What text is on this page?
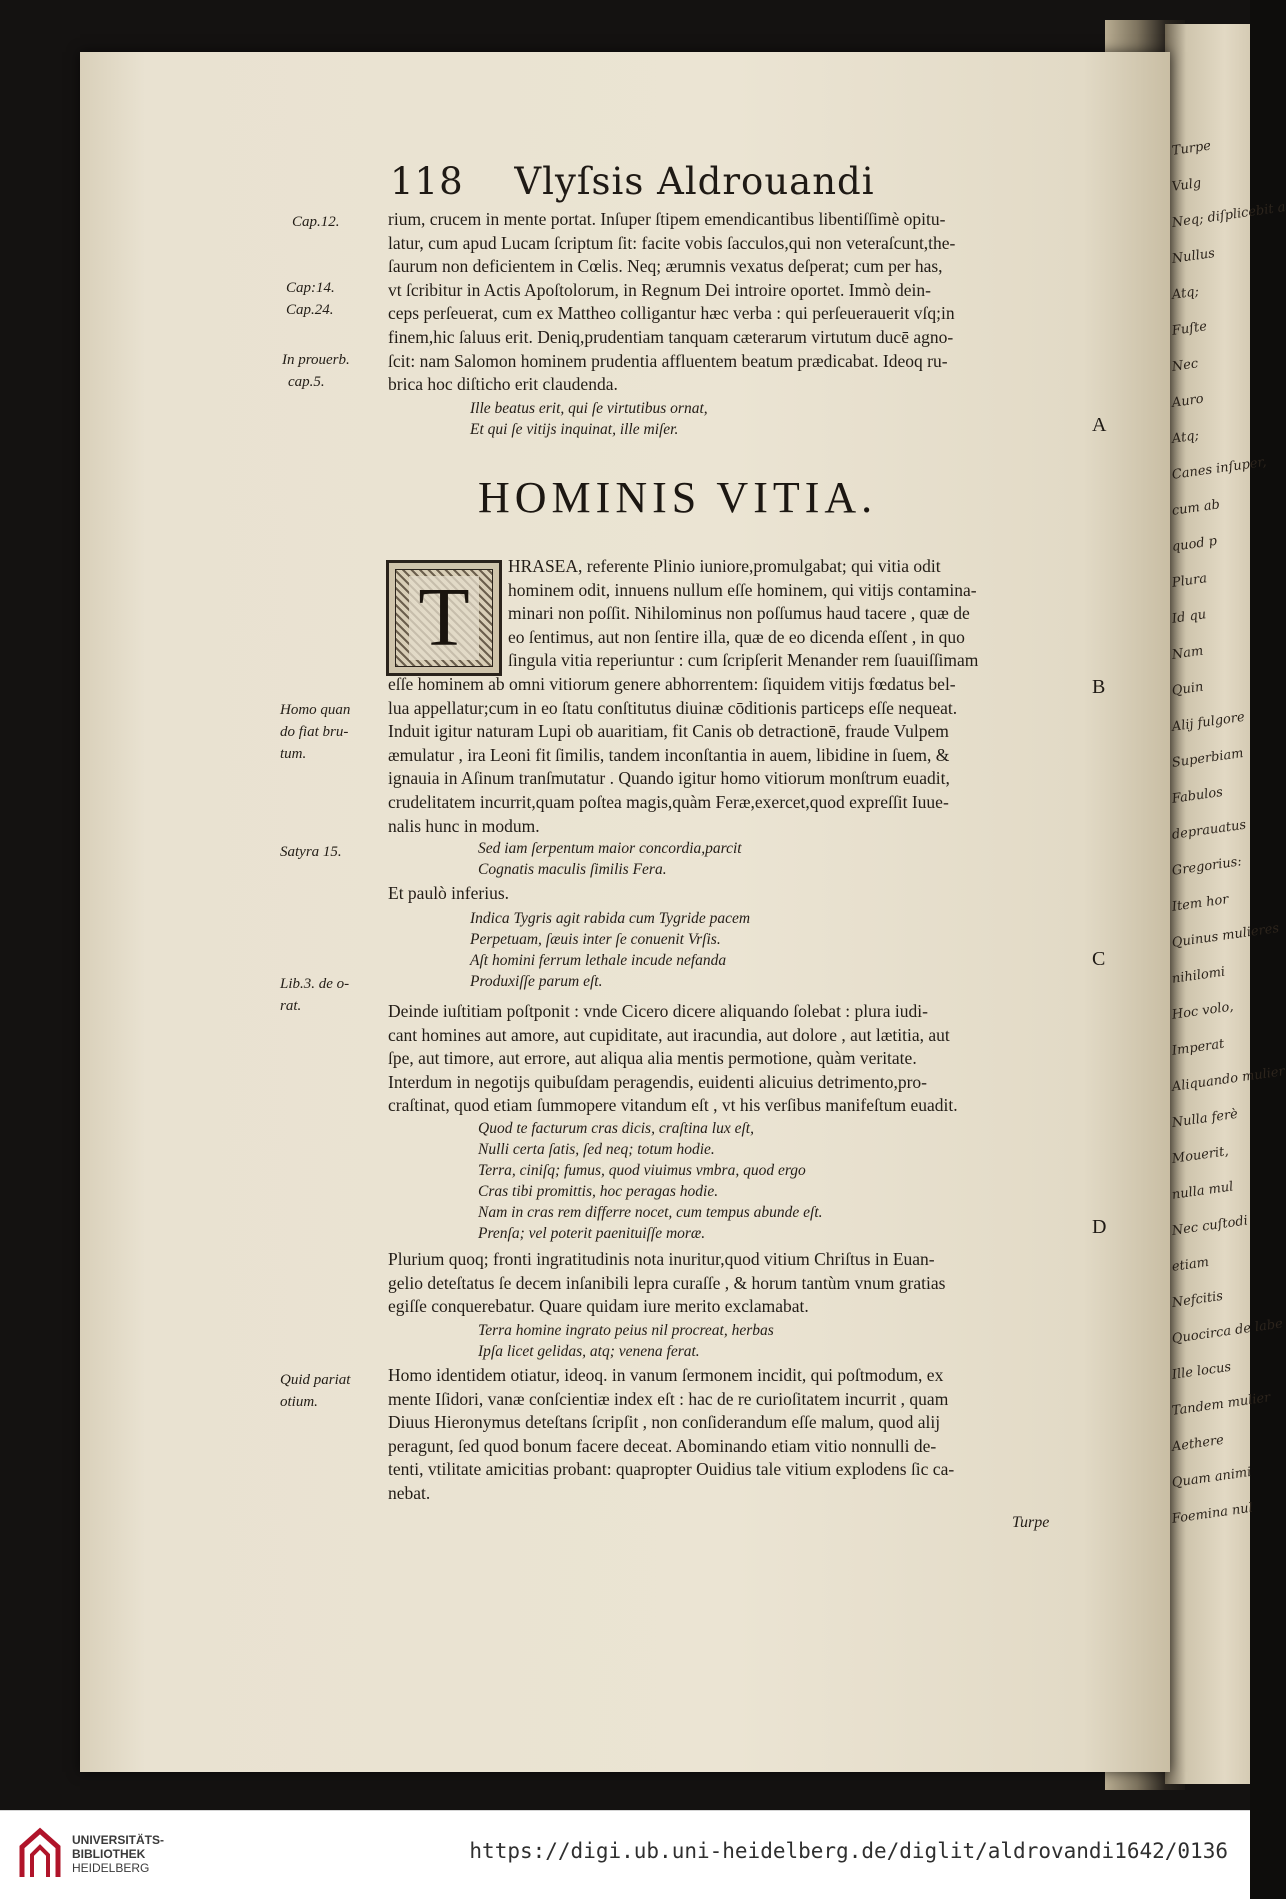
Turpe
Vulg
Neq; diſplicebit a
Nullus
Atq;
Fuſte
Nec
Auro
Atq;
Canes inſuper,
cum ab
quod p
Plura
Id qu
Nam
Quin
Alij fulgore
Superbiam
Fabulos
deprauatus
Gregorius:
Item hor
Quinus mulieres
nihilomi
Hoc volo,
Imperat
Aliquando mulier
Nulla ferè
Mouerit,
nulla mul
Nec cuſtodi
etiam
Nefcitis
Quocirca de labe
Ille locus
Tandem mulier
Aethere
Quam animi
Foemina nul
118 Vlyſsis Aldrouandi
rium, crucem in mente portat. Inſuper ſtipem emendicantibus libentiſſimè opitu-
latur, cum apud Lucam ſcriptum ſit: facite vobis ſacculos,qui non veteraſcunt,the-
ſaurum non deficientem in Cœlis. Neq; ærumnis vexatus deſperat; cum per has,
vt ſcribitur in Actis Apoſtolorum, in Regnum Dei introire oportet. Immò dein-
ceps perſeuerat, cum ex Mattheo colligantur hæc verba : qui perſeuerauerit vſq;in
finem,hic ſaluus erit. Deniq,prudentiam tanquam cæterarum virtutum ducē agno-
ſcit: nam Salomon hominem prudentia affluentem beatum prædicabat. Ideoq ru-
brica hoc diſticho erit claudenda.
Ille beatus erit, qui ſe virtutibus ornat,
Et qui ſe vitijs inquinat, ille miſer.
HOMINIS VITIA.
T
HRASEA, referente Plinio iuniore,promulgabat; qui vitia odit
hominem odit, innuens nullum eſſe hominem, qui vitijs contamina-
minari non poſſit. Nihilominus non poſſumus haud tacere , quæ de
eo ſentimus, aut non ſentire illa, quæ de eo dicenda eſſent , in quo
ſingula vitia reperiuntur : cum ſcripſerit Menander rem ſuauiſſimam
eſſe hominem ab omni vitiorum genere abhorrentem: ſiquidem vitijs fœdatus bel-
lua appellatur;cum in eo ſtatu conſtitutus diuinæ cōditionis particeps eſſe nequeat.
Induit igitur naturam Lupi ob auaritiam, fit Canis ob detractionē, fraude Vulpem
æmulatur , ira Leoni fit ſimilis, tandem inconſtantia in auem, libidine in ſuem, &
ignauia in Aſinum tranſmutatur . Quando igitur homo vitiorum monſtrum euadit,
crudelitatem incurrit,quam poſtea magis,quàm Feræ,exercet,quod expreſſit Iuue-
nalis hunc in modum.
Sed iam ſerpentum maior concordia,parcit
Cognatis maculis ſimilis Fera.
Et paulò inferius.
Indica Tygris agit rabida cum Tygride pacem
Perpetuam, ſæuis inter ſe conuenit Vrſis.
Aſt homini ferrum lethale incude nefanda
Produxiſſe parum eſt.
Deinde iuſtitiam poſtponit : vnde Cicero dicere aliquando ſolebat : plura iudi-
cant homines aut amore, aut cupiditate, aut iracundia, aut dolore , aut lætitia, aut
ſpe, aut timore, aut errore, aut aliqua alia mentis permotione, quàm veritate.
Interdum in negotijs quibuſdam peragendis, euidenti alicuius detrimento,pro-
craſtinat, quod etiam ſummopere vitandum eſt , vt his verſibus manifeſtum euadit.
Quod te facturum cras dicis, craſtina lux eſt,
Nulli certa ſatis, ſed neq; totum hodie.
Terra, ciniſq; fumus, quod viuimus vmbra, quod ergo
Cras tibi promittis, hoc peragas hodie.
Nam in cras rem differre nocet, cum tempus abunde eſt.
Prenſa; vel poterit paenituiſſe moræ.
Plurium quoq; fronti ingratitudinis nota inuritur,quod vitium Chriſtus in Euan-
gelio deteſtatus ſe decem inſanibili lepra curaſſe , & horum tantùm vnum gratias
egiſſe conquerebatur. Quare quidam iure merito exclamabat.
Terra homine ingrato peius nil procreat, herbas
Ipſa licet gelidas, atq; venena ferat.
Homo identidem otiatur, ideoq. in vanum ſermonem incidit, qui poſtmodum, ex
mente Iſidori, vanæ conſcientiæ index eſt : hac de re curioſitatem incurrit , quam
Diuus Hieronymus deteſtans ſcripſit , non conſiderandum eſſe malum, quod alij
peragunt, ſed quod bonum facere deceat. Abominando etiam vitio nonnulli de-
tenti, vtilitate amicitias probant: quapropter Ouidius tale vitium explodens ſic ca-
nebat.
Cap.12.
Cap:14.
Cap.24.
In prouerb.
cap.5.
Homo quan
do fiat bru-
tum.
Satyra 15.
Lib.3. de o-
rat.
Quid pariat
otium.
A
B
C
D
Turpe
UNIVERSITÄTS-
BIBLIOTHEK
HEIDELBERG
https://digi.ub.uni-heidelberg.de/diglit/aldrovandi1642/0136
